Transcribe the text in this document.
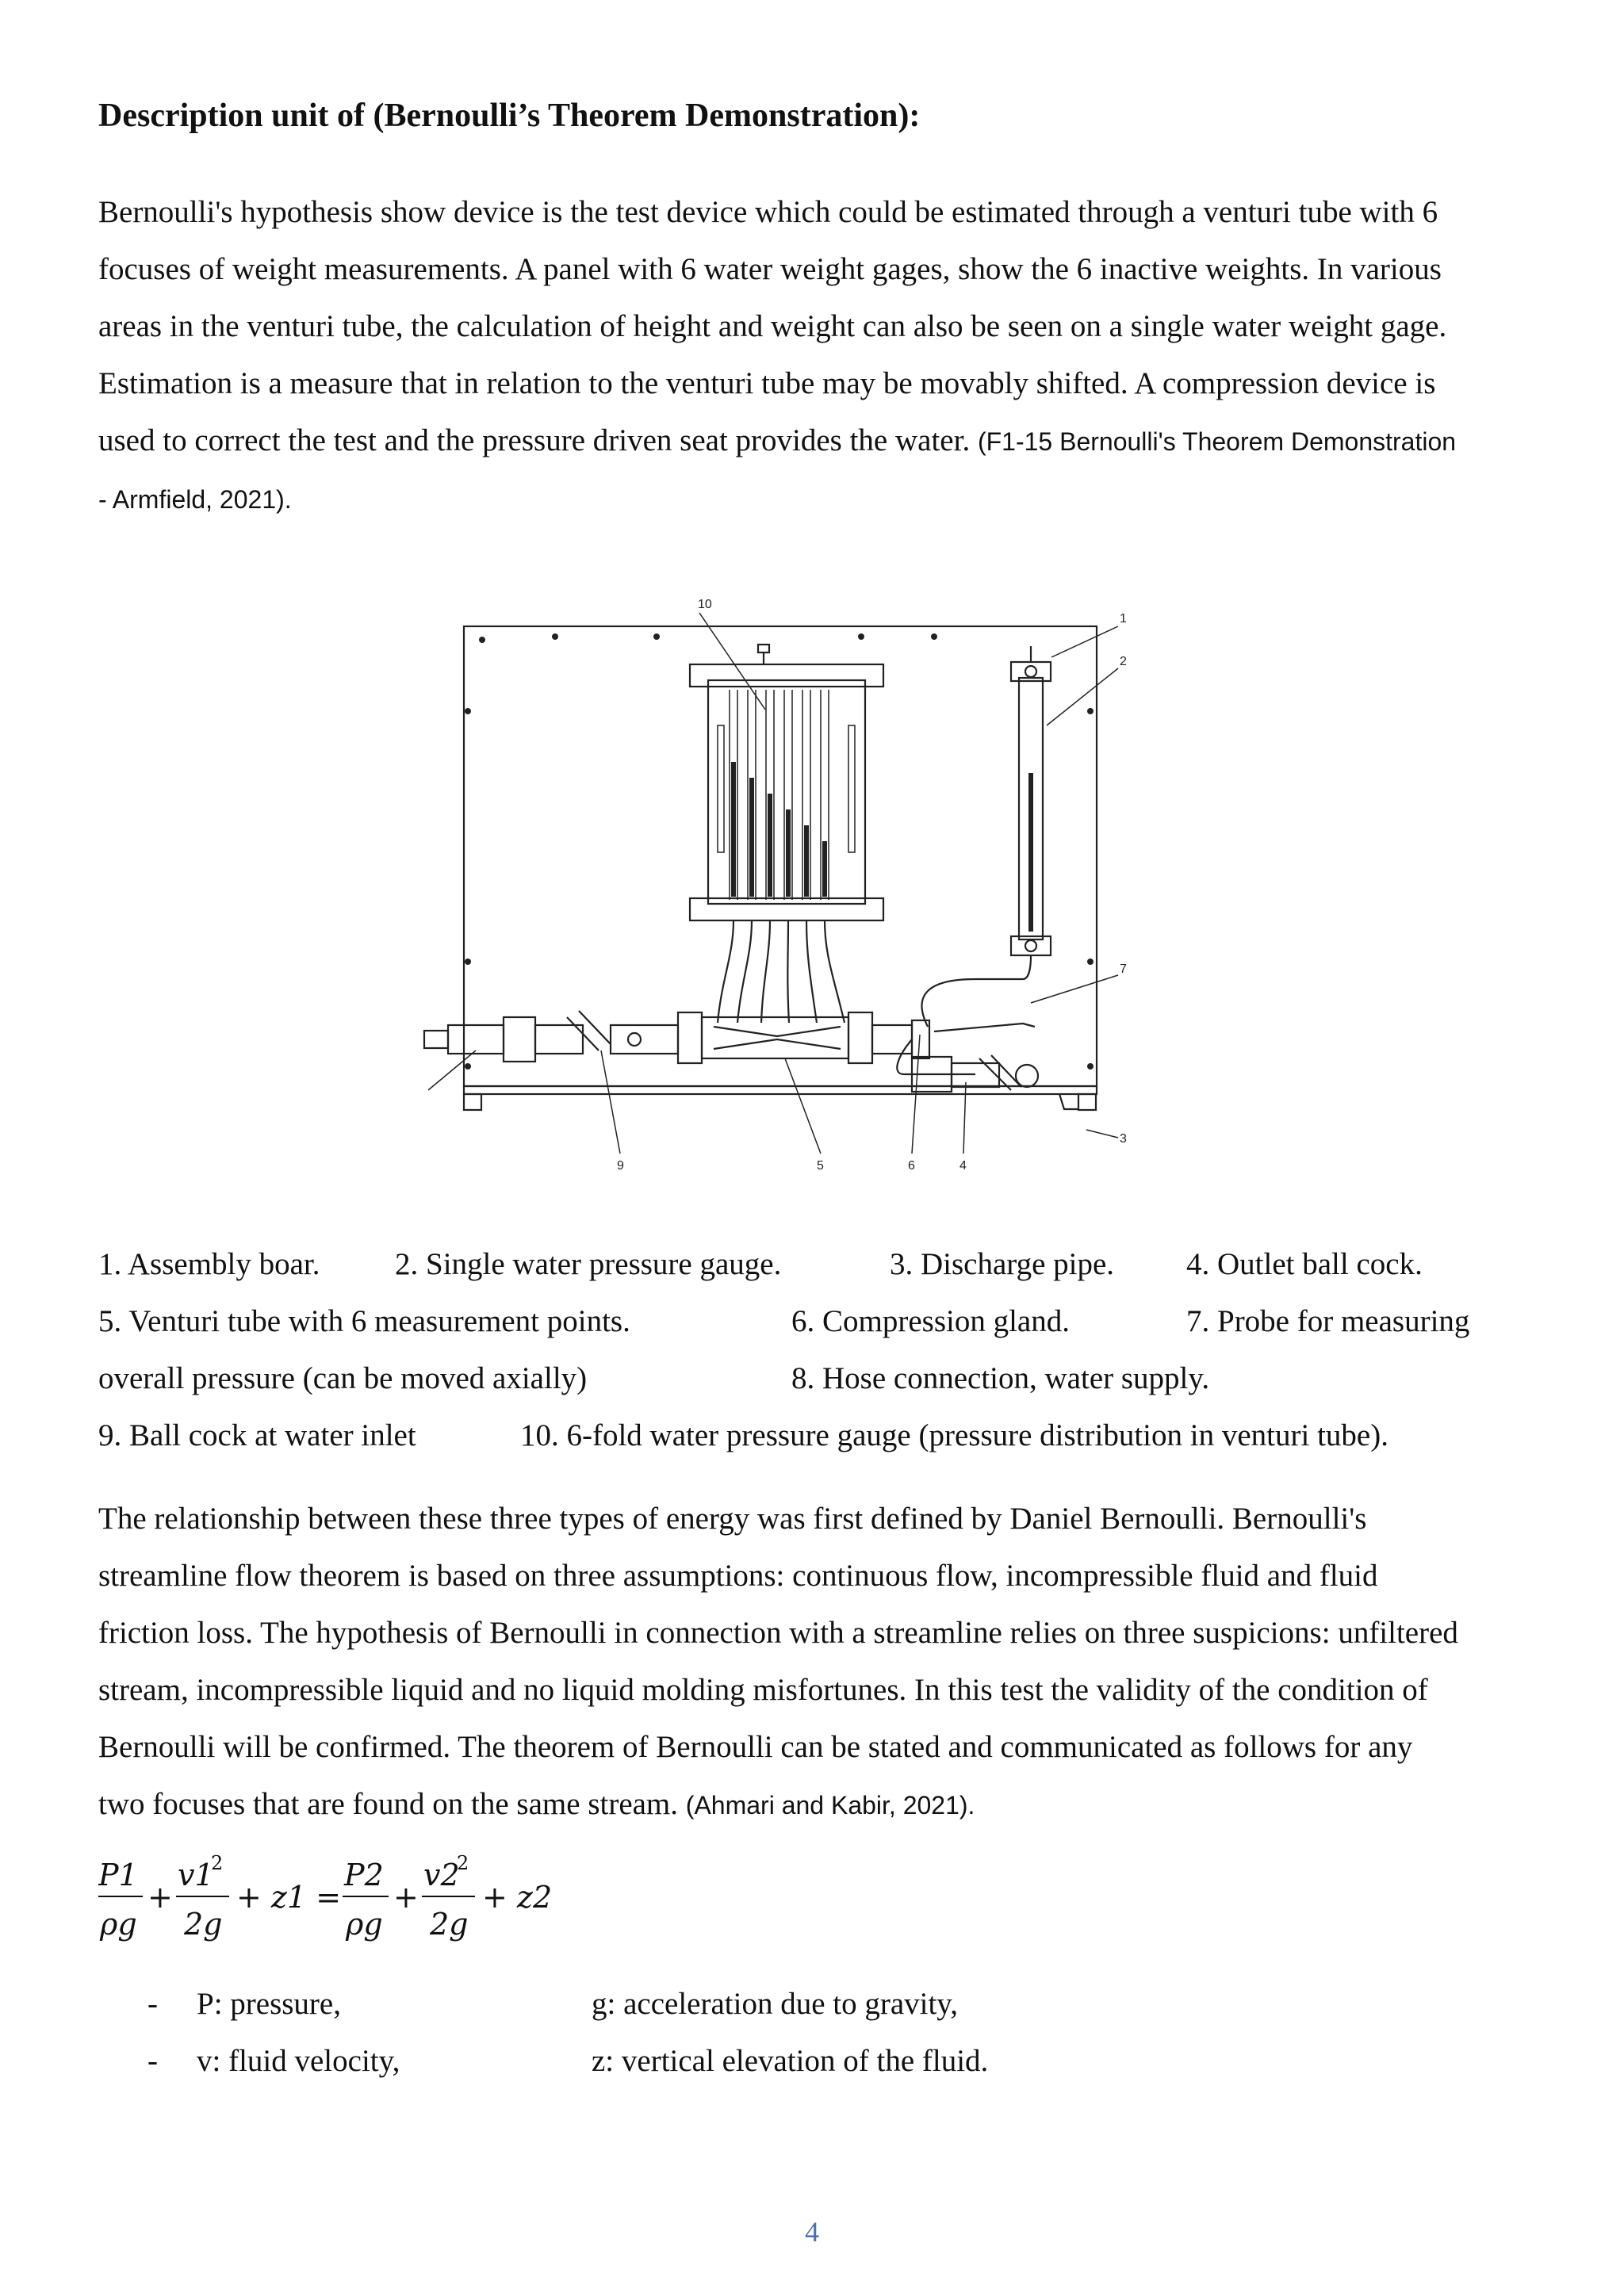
Description unit of (Bernoulli’s Theorem Demonstration):
Bernoulli's hypothesis show device is the test device which could be estimated through a venturi tube with 6
focuses of weight measurements. A panel with 6 water weight gages, show the 6 inactive weights. In various
areas in the venturi tube, the calculation of height and weight can also be seen on a single water weight gage.
Estimation is a measure that in relation to the venturi tube may be movably shifted. A compression device is
used to correct the test and the pressure driven seat provides the water. (F1-15 Bernoulli's Theorem Demonstration
- Armfield, 2021).
10
1
2
7
3
9	5	6	4
1. Assembly boar. 2. Single water pressure gauge.	3. Discharge pipe. 4. Outlet ball cock.
5. Venturi tube with 6 measurement points.	6. Compression gland.	7. Probe for measuring
overall pressure (can be moved axially)	8. Hose connection, water supply.
9. Ball cock at water inlet	10. 6-fold water pressure gauge (pressure distribution in venturi tube).
The relationship between these three types of energy was first defined by Daniel Bernoulli. Bernoulli's
streamline flow theorem is based on three assumptions: continuous flow, incompressible fluid and fluid
friction loss. The hypothesis of Bernoulli in connection with a streamline relies on three suspicions: unfiltered
stream, incompressible liquid and no liquid molding misfortunes. In this test the validity of the condition of
Bernoulli will be confirmed. The theorem of Bernoulli can be stated and communicated as follows for any
two focuses that are found on the same stream. (Ahmari and Kabir, 2021).
P1
ρg
+
v1
2
2g
+ z1 =
P2
ρg
+
v2
2
2g
+ z2
- P: pressure,	g: acceleration due to gravity,
- v: fluid velocity,	z: vertical elevation of the fluid.
4
